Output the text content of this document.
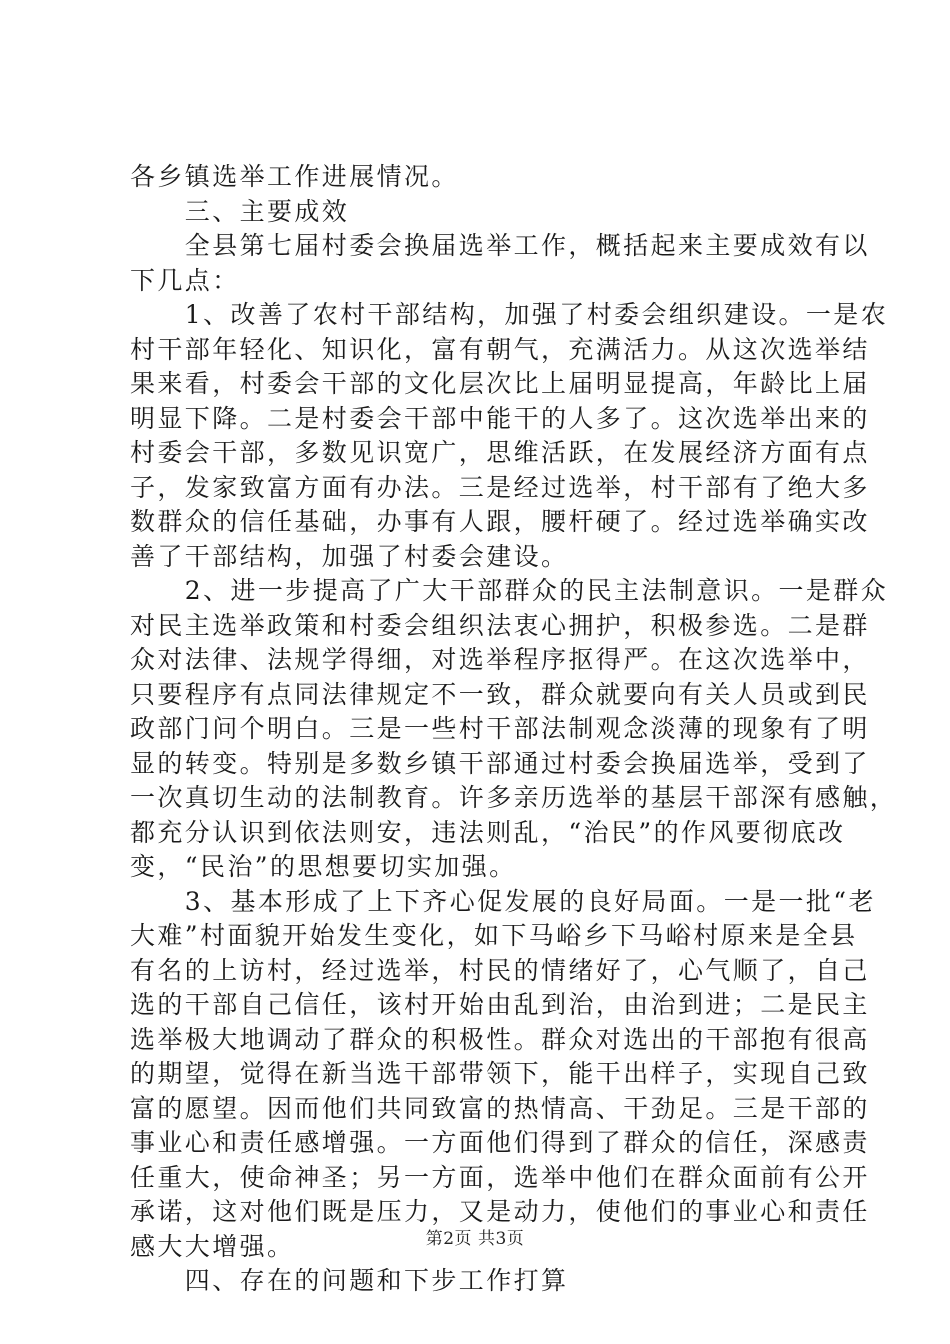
各乡镇选举工作进展情况。

　　三、主要成效

　　全县第七届村委会换届选举工作，概括起来主要成效有以

下几点：

　　1、改善了农村干部结构，加强了村委会组织建设。一是农

村干部年轻化、知识化，富有朝气，充满活力。从这次选举结

果来看，村委会干部的文化层次比上届明显提高，年龄比上届

明显下降。二是村委会干部中能干的人多了。这次选举出来的

村委会干部，多数见识宽广，思维活跃，在发展经济方面有点

子，发家致富方面有办法。三是经过选举，村干部有了绝大多

数群众的信任基础，办事有人跟，腰杆硬了。经过选举确实改

善了干部结构，加强了村委会建设。

　　2、进一步提高了广大干部群众的民主法制意识。一是群众

对民主选举政策和村委会组织法衷心拥护，积极参选。二是群

众对法律、法规学得细，对选举程序抠得严。在这次选举中，

只要程序有点同法律规定不一致，群众就要向有关人员或到民

政部门问个明白。三是一些村干部法制观念淡薄的现象有了明

显的转变。特别是多数乡镇干部通过村委会换届选举，受到了

一次真切生动的法制教育。许多亲历选举的基层干部深有感触，

都充分认识到依法则安，违法则乱，“治民”的作风要彻底改

变，“民治”的思想要切实加强。

　　3、基本形成了上下齐心促发展的良好局面。一是一批“老

大难”村面貌开始发生变化，如下马峪乡下马峪村原来是全县

有名的上访村，经过选举，村民的情绪好了，心气顺了，自己

选的干部自己信任，该村开始由乱到治，由治到进；二是民主

选举极大地调动了群众的积极性。群众对选出的干部抱有很高

的期望，觉得在新当选干部带领下，能干出样子，实现自己致

富的愿望。因而他们共同致富的热情高、干劲足。三是干部的

事业心和责任感增强。一方面他们得到了群众的信任，深感责

任重大，使命神圣；另一方面，选举中他们在群众面前有公开

承诺，这对他们既是压力，又是动力，使他们的事业心和责任

感大大增强。

　　四、存在的问题和下步工作打算

第2页 共3页
